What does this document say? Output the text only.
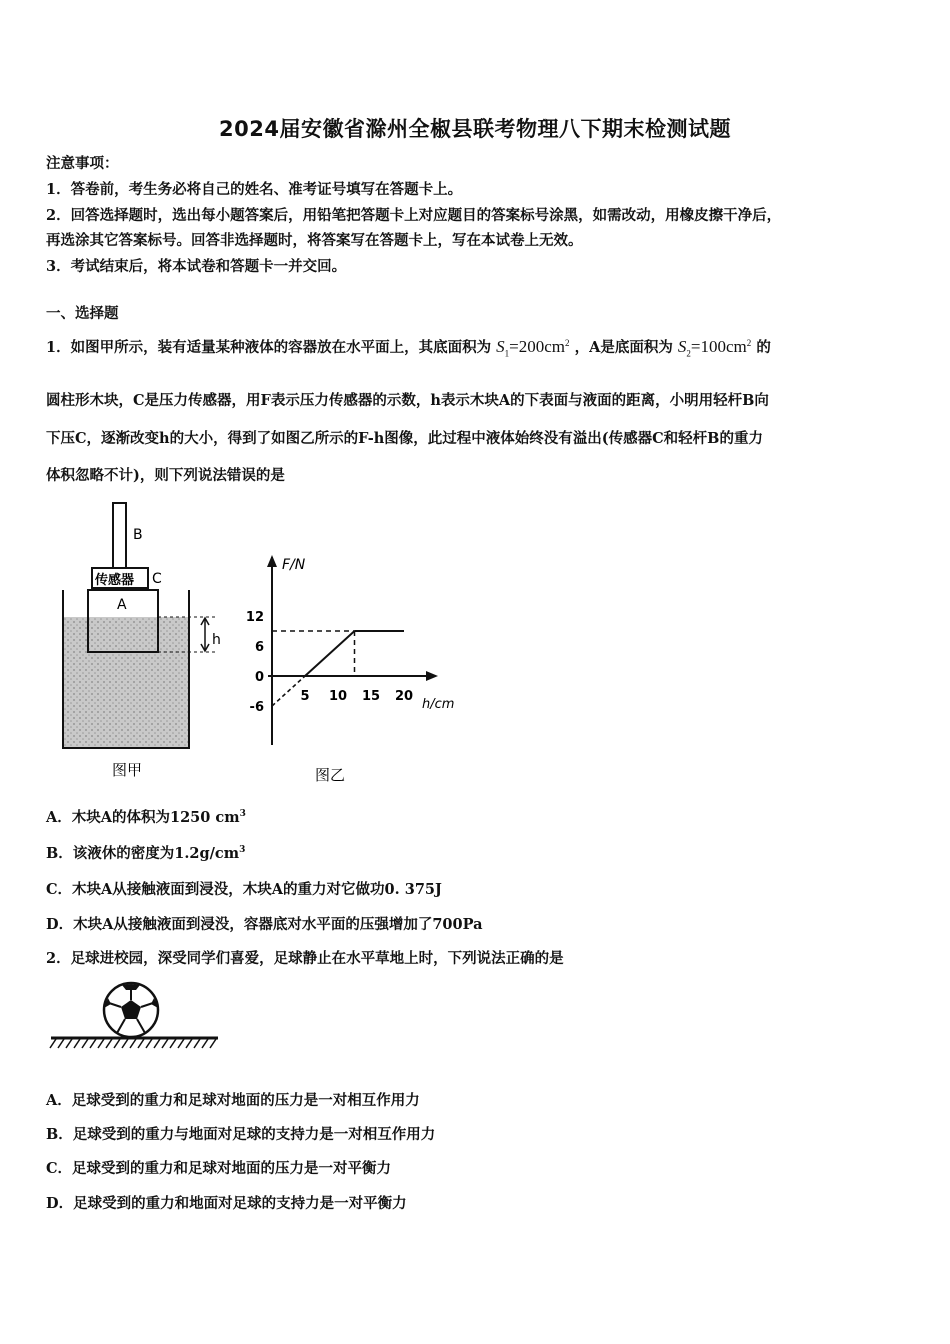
2024届安徽省滁州全椒县联考物理八下期末检测试题
注意事项：
1．答卷前，考生务必将自己的姓名、准考证号填写在答题卡上。
2．回答选择题时，选出每小题答案后，用铅笔把答题卡上对应题目的答案标号涂黑，如需改动，用橡皮擦干净后，
再选涂其它答案标号。回答非选择题时，将答案写在答题卡上，写在本试卷上无效。
3．考试结束后，将本试卷和答题卡一并交回。
一、选择题
1．如图甲所示，装有适量某种液体的容器放在水平面上，其底面积为 $S_1=200cm^2$ ，A是底面积为 $S_2=100cm^2$ 的
圆柱形木块，C是压力传感器，用F表示压力传感器的示数，h表示木块A的下表面与液面的距离，小明用轻杆B向
下压C，逐渐改变h的大小，得到了如图乙所示的F-h图像，此过程中液体始终没有溢出(传感器C和轻杆B的重力
体积忽略不计)，则下列说法错误的是
B
传感器 C
A
h
图甲
F/N
h/cm
-6
0
6
12
5 10 15 20
图乙
A．木块A的体积为1250 $cm^3$
B．该液休的密度为$1.2g/cm^3$
C．木块A从接触液面到浸没，木块A的重力对它做功0. 375J
D．木块A从接触液面到浸没，容器底对水平面的压强增加了700Pa
2．足球进校园，深受同学们喜爱，足球静止在水平草地上时，下列说法正确的是
A．足球受到的重力和足球对地面的压力是一对相互作用力
B．足球受到的重力与地面对足球的支持力是一对相互作用力
C．足球受到的重力和足球对地面的压力是一对平衡力
D．足球受到的重力和地面对足球的支持力是一对平衡力
